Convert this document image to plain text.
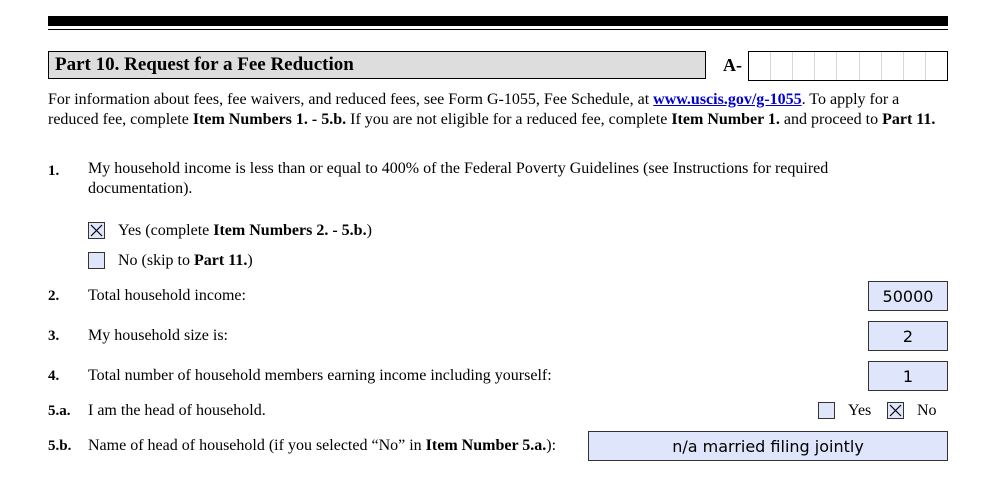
Part 10. Request for a Fee Reduction	A-
For information about fees, fee waivers, and reduced fees, see Form G-1055, Fee Schedule, at www.uscis.gov/g-1055. To apply for a reduced fee, complete Item Numbers 1. - 5.b. If you are not eligible for a reduced fee, complete Item Number 1. and proceed to Part 11.
1. My household income is less than or equal to 400% of the Federal Poverty Guidelines (see Instructions for required documentation).
Yes (complete Item Numbers 2. - 5.b.)
No (skip to Part 11.)
2. Total household income:	50000
3. My household size is:	2
4. Total number of household members earning income including yourself:	1
5.a. I am the head of household.	Yes	No
5.b. Name of head of household (if you selected “No” in Item Number 5.a.):	n/a married filing jointly
